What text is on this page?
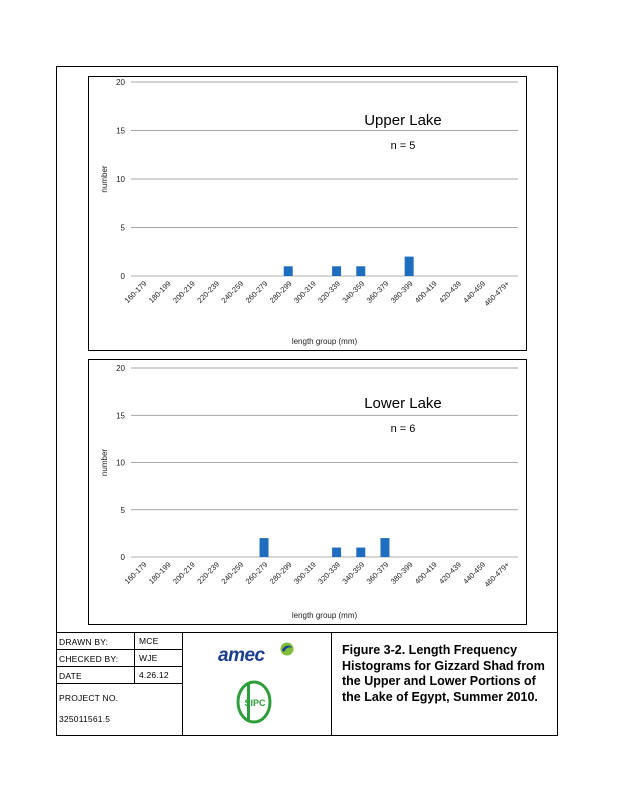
0
5
10
15
20
Upper Lake
n = 5
160-179
180-199
200-219
220-239
240-259
260-279
280-299
300-319
320-339
340-359
360-379
380-399
400-419
420-439
440-459
460-479+
length group (mm)
number
0
5
10
15
20
Lower Lake
n = 6
160-179
180-199
200-219
220-239
240-259
260-279
280-299
300-319
320-339
340-359
360-379
380-399
400-419
420-439
440-459
460-479+
length group (mm)
number
DRAWN BY:	MCE
CHECKED BY:	WJE
DATE	4.26.12
PROJECT NO.
325011561.5
amec
SIPC
Figure 3-2. Length Frequency Histograms for Gizzard Shad from the Upper and Lower Portions of the Lake of Egypt, Summer 2010.
